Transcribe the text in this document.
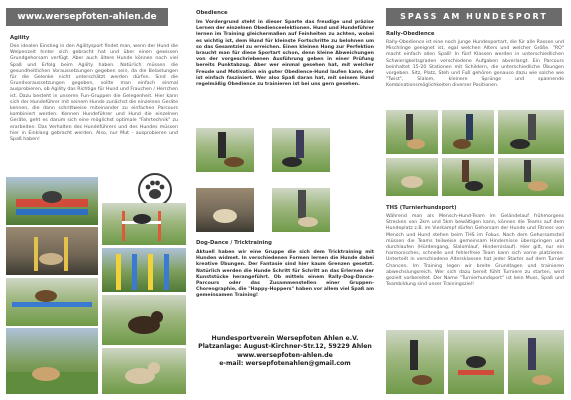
www.wersepfoten-ahlen.de
Agility
Den idealen Einstieg in den Agilitysport findet man, wenn der Hund die Welpenzeit hinter sich gebracht hat und über einen gewissen Grundgehorsam verfügt. Aber auch ältere Hunde können noch viel Spaß und Erfolg beim Agility haben. Natürlich müssen die gesundheitlichen Voraussetzungen gegeben sein, da die Belastungen für die Gelenke nicht unterschätzt werden dürfen. Sind die Grundvoraussetzungen gegeben, sollte man einfach einmal ausprobieren, ob Agility das Richtige für Hund und Frauchen / Herrchen ist. Dazu besteht in unseren Fun-Gruppen die Gelegenheit. Hier kann sich der Hundeführer mit seinem Hunde zunächst die einzelnen Geräte kennen, die dann schrittweise miteinander zu einfachen Parcours kombiniert werden. Kennen Hundeführer und Hund die einzelnen Geräte, geht es darum sich eine möglichst optimale "Fahrtechnik" zu erarbeiten. Das Verhalten des Hundeführers und des Hundes müssen hier in Einklang gebracht werden. Also, nur Mut - ausprobieren und Spaß haben!
Obedience
Im Vordergrund steht in dieser Sparte das freudige und präzise Lernen der einzelnen Obedienceelektionen. Hund und Hundeführer lernen im Training gleichermaßen auf Feinheiten zu achten, wobei es wichtig ist, dem Hund für kleinste Fortschritte zu belohnen um so das Gesamtziel zu erreichen. Einen kleinen Hang zur Perfektion braucht man für diese Sportart schon, denn kleine Abweichungen von der vorgeschriebenen Ausführung geben in einer Prüfung bereits Punktabzug. Aber wer einmal gesehen hat, mit welcher Freude und Motivation ein guter Obedience-Hund laufen kann, der ist einfach fasziniert. Wer also Spaß daran hat, mit seinem Hund regelmäßig Obedience zu trainieren ist bei uns gern gesehen.
Dog-Dance / Tricktraining
Aktuell haben wir eine Gruppe die sich dem Tricktraining mit Hunden widmet. In verschiedenen Formen lernen die Hunde dabei kreative Übungen. Der Fantasie sind hier kaum Grenzen gesetzt. Natürlich werden die Hunde Schritt für Schritt an das Erlernen der Kunststücke herangeführt. Ob mittels einem Rally-Dog-Dance-Parcours oder das Zusammenstellen einer Gruppen-Choreographie, die "Happy-Hoppers" haben vor allem viel Spaß am gemeinsamen Training!
Hundesportverein Wersepfoten Ahlen e.V.
Platzanlage: August-Kirchner-Str.12, 59229 Ahlen
www.wersepfoten-ahlen.de
e-mail: wersepfotenahlen@gmail.com
SPASS AM HUNDESPORT
Rally-Obedience
Rally-Obedience ist eine noch junge Hundesportart, die für alle Rassen und Mischlinge geeignet ist, egal welchen Alters und welcher Größe. "RO" macht einfach allen Spaß! In fünf Klassen werden in unterschiedlichen Schwierigkeitsgraden verschiedene Aufgaben abverlangt. Ein Parcours beinhaltet 15-20 Stationen mit Schildern, die unterschiedliche Übungen vorgeben. Sitz, Platz, Steh und Fuß gehören genauso dazu wie solche wie "Twist", Slalom, kleinere Sprünge und spannende Kombinationsmöglichkeiten diverser Positionen.
THS (Turnierhundsport)
Während man als Mensch-Hund-Team im Geländelauf frühmorgens Strecken von 2km und 5km bewältigen kann, können die Teams auf dem Hundeplatz z.B. im Vierkampf dürfen Gehorsam der Hunde und Fitness von Mensch und Hund stehen beim THS im Fokus. Nach dem Gehorsamsteil müssen die Teams teilweise gemeinsam Hindernisse überspringen und durchlaufen (Hürdengang, Slalomlauf, Hindernislauf). Hier gilt, nur ein harmonisches, schnelle und fehlerfreie Team kann sich vorne platzieren. Unterteilt in verschiedene Altersklassen hat jeder Starter auf dem Turnier Chancen. Im Training legen wir breite Grundlagen und trainieren abwechslungsreich. Wer sich dazu bereit fühlt Turniere zu starten, wird gezielt vorbereitet. Der Name "Turnierhundsport" ist kein Muss, Spaß und Teambildung sind unser Trainingsziel!
